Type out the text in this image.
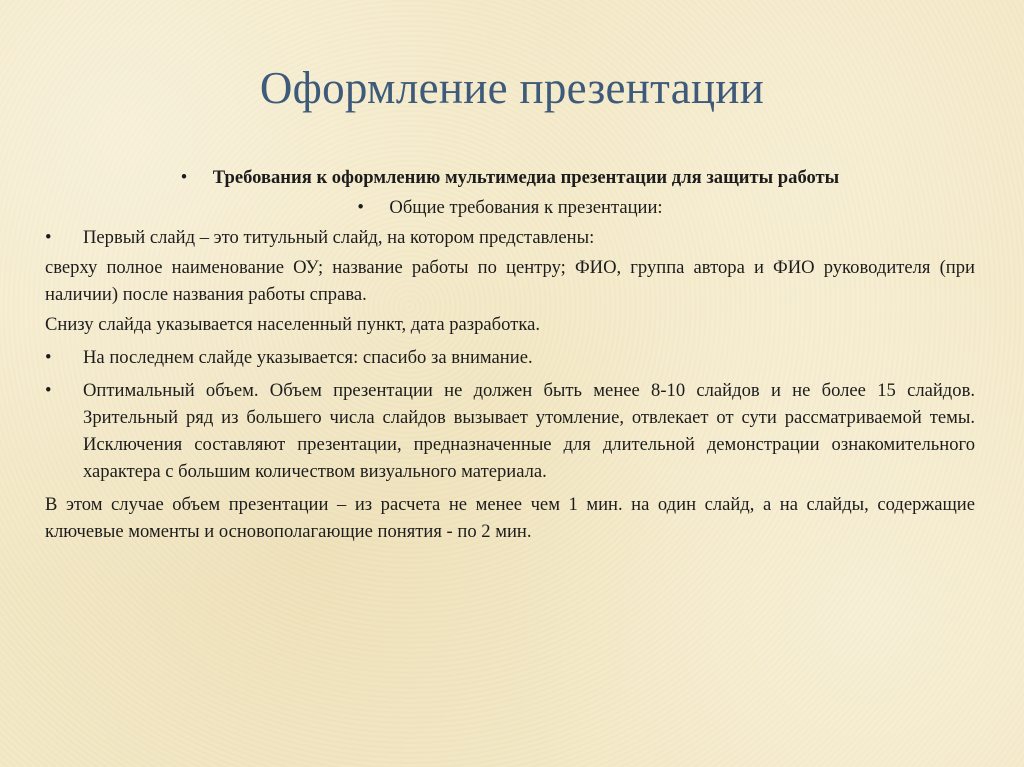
Оформление презентации
• Требования к оформлению мультимедиа презентации для защиты работы
• Общие требования к презентации:
• Первый слайд – это титульный слайд, на котором представлены:
сверху полное наименование ОУ; название работы по центру; ФИО, группа автора и ФИО руководителя (при наличии) после названия работы справа.
Снизу слайда указывается населенный пункт, дата разработка.
• На последнем слайде указывается: спасибо за внимание.
• Оптимальный объем. Объем презентации не должен быть менее 8-10 слайдов и не более 15 слайдов. Зрительный ряд из большего числа слайдов вызывает утомление, отвлекает от сути рассматриваемой темы. Исключения составляют презентации, предназначенные для длительной демонстрации ознакомительного характера с большим количеством визуального материала.
В этом случае объем презентации – из расчета не менее чем 1 мин. на один слайд, а на слайды, содержащие ключевые моменты и основополагающие понятия - по 2 мин.
